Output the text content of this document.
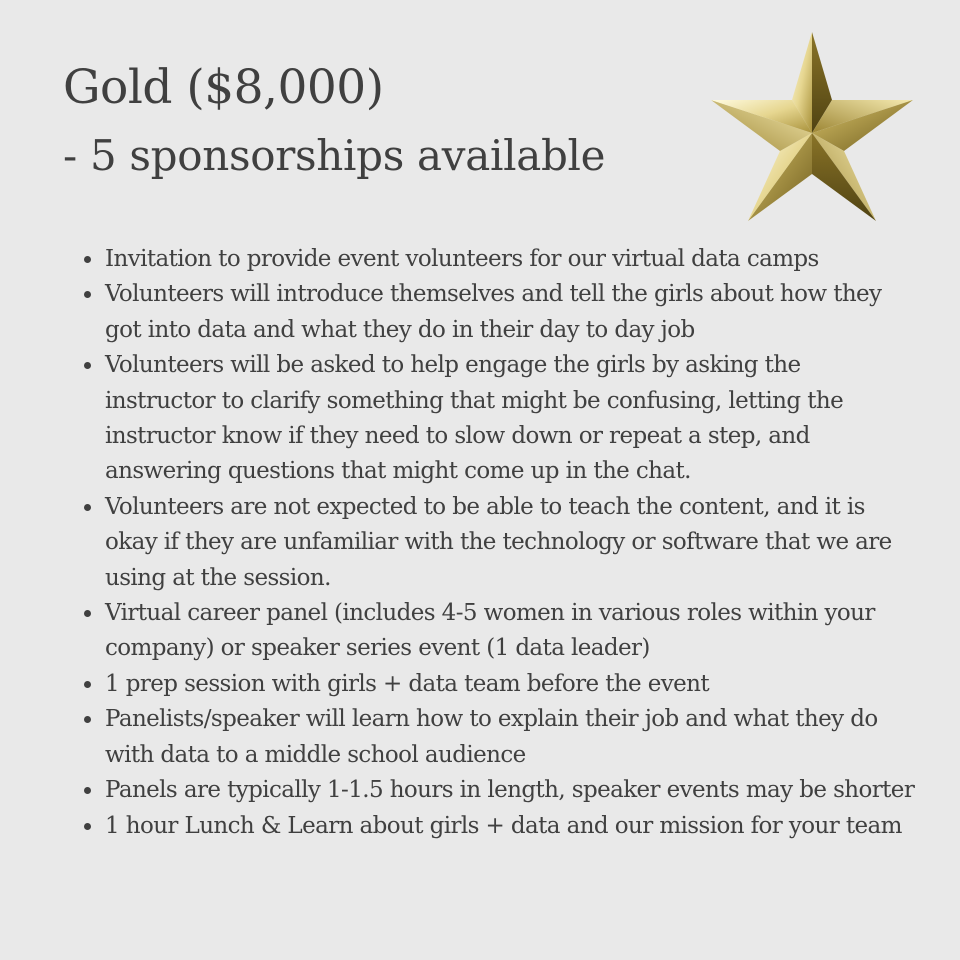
Gold ($8,000)
- 5 sponsorships available
Invitation to provide event volunteers for our virtual data camps
Volunteers will introduce themselves and tell the girls about how they got into data and what they do in their day to day job
Volunteers will be asked to help engage the girls by asking the instructor to clarify something that might be confusing, letting the instructor know if they need to slow down or repeat a step, and answering questions that might come up in the chat.
Volunteers are not expected to be able to teach the content, and it is okay if they are unfamiliar with the technology or software that we are using at the session.
Virtual career panel (includes 4-5 women in various roles within your company) or speaker series event (1 data leader)
1 prep session with girls + data team before the event
Panelists/speaker will learn how to explain their job and what they do with data to a middle school audience
Panels are typically 1-1.5 hours in length, speaker events may be shorter
1 hour Lunch & Learn about girls + data and our mission for your team
